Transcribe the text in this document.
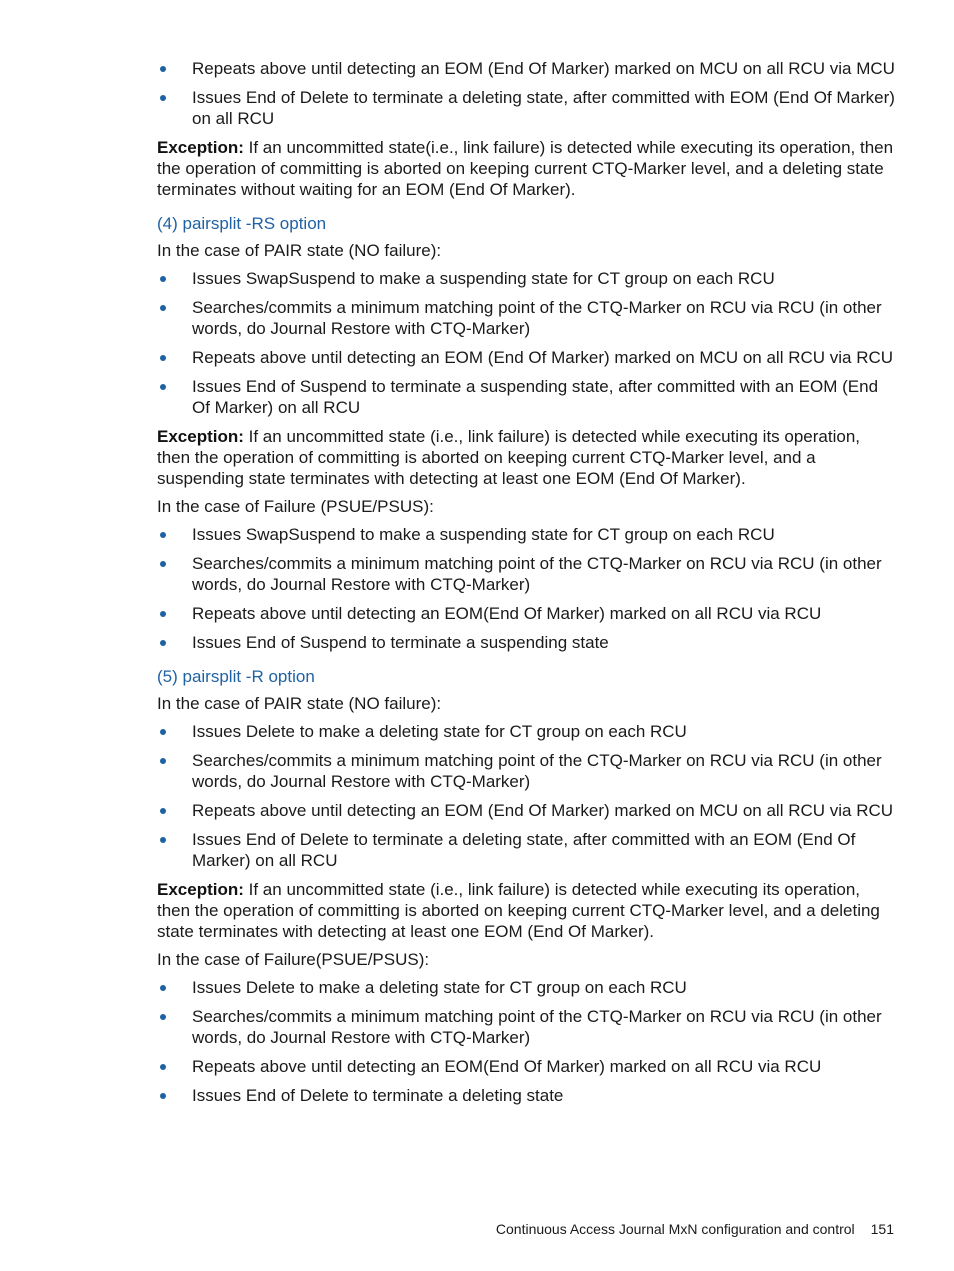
Repeats above until detecting an EOM (End Of Marker) marked on MCU on all RCU via MCU
Issues End of Delete to terminate a deleting state, after committed with EOM (End Of Marker) on all RCU

Exception: If an uncommitted state(i.e., link failure) is detected while executing its operation, then the operation of committing is aborted on keeping current CTQ-Marker level, and a deleting state terminates without waiting for an EOM (End Of Marker).

(4) pairsplit -RS option

In the case of PAIR state (NO failure):

Issues SwapSuspend to make a suspending state for CT group on each RCU
Searches/commits a minimum matching point of the CTQ-Marker on RCU via RCU (in other words, do Journal Restore with CTQ-Marker)
Repeats above until detecting an EOM (End Of Marker) marked on MCU on all RCU via RCU
Issues End of Suspend to terminate a suspending state, after committed with an EOM (End Of Marker) on all RCU

Exception: If an uncommitted state (i.e., link failure) is detected while executing its operation, then the operation of committing is aborted on keeping current CTQ-Marker level, and a suspending state terminates with detecting at least one EOM (End Of Marker).

In the case of Failure (PSUE/PSUS):

Issues SwapSuspend to make a suspending state for CT group on each RCU
Searches/commits a minimum matching point of the CTQ-Marker on RCU via RCU (in other words, do Journal Restore with CTQ-Marker)
Repeats above until detecting an EOM(End Of Marker) marked on all RCU via RCU
Issues End of Suspend to terminate a suspending state
(5) pairsplit -R option

In the case of PAIR state (NO failure):

Issues Delete to make a deleting state for CT group on each RCU
Searches/commits a minimum matching point of the CTQ-Marker on RCU via RCU (in other words, do Journal Restore with CTQ-Marker)
Repeats above until detecting an EOM (End Of Marker) marked on MCU on all RCU via RCU
Issues End of Delete to terminate a deleting state, after committed with an EOM (End Of Marker) on all RCU

Exception: If an uncommitted state (i.e., link failure) is detected while executing its operation, then the operation of committing is aborted on keeping current CTQ-Marker level, and a deleting state terminates with detecting at least one EOM (End Of Marker).

In the case of Failure(PSUE/PSUS):

Issues Delete to make a deleting state for CT group on each RCU
Searches/commits a minimum matching point of the CTQ-Marker on RCU via RCU (in other words, do Journal Restore with CTQ-Marker)
Repeats above until detecting an EOM(End Of Marker) marked on all RCU via RCU
Issues End of Delete to terminate a deleting state
Continuous Access Journal MxN configuration and control 151
